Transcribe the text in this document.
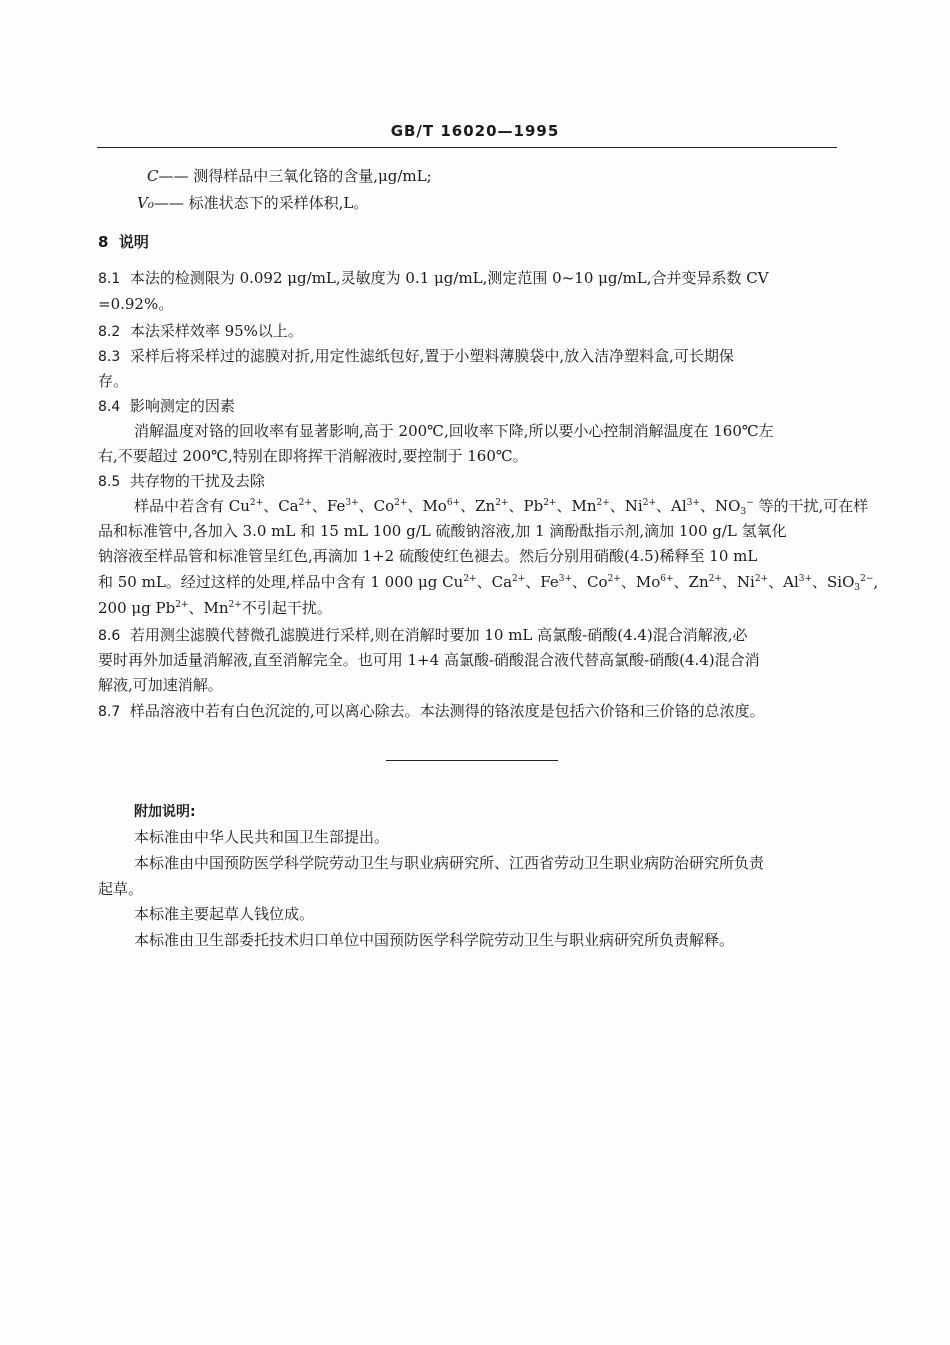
GB/T 16020—1995
C—— 测得样品中三氧化铬的含量,μg/mL;
V₀—— 标准状态下的采样体积,L。
8 说明
8.1 本法的检测限为 0.092 μg/mL,灵敏度为 0.1 μg/mL,测定范围 0~10 μg/mL,合并变异系数 CV
=0.92%。
8.2 本法采样效率 95%以上。
8.3 采样后将采样过的滤膜对折,用定性滤纸包好,置于小塑料薄膜袋中,放入洁净塑料盒,可长期保
存。
8.4 影响测定的因素
消解温度对铬的回收率有显著影响,高于 200℃,回收率下降,所以要小心控制消解温度在 160℃左
右,不要超过 200℃,特别在即将挥干消解液时,要控制于 160℃。
8.5 共存物的干扰及去除
样品中若含有 $Cu^{2+}$、$Ca^{2+}$、$Fe^{3+}$、$Co^{2+}$、$Mo^{6+}$、$Zn^{2+}$、$Pb^{2+}$、$Mn^{2+}$、$Ni^{2+}$、$Al^{3+}$、$NO_3^-$ 等的干扰,可在样
品和标准管中,各加入 3.0 mL 和 15 mL 100 g/L 硫酸钠溶液,加 1 滴酚酞指示剂,滴加 100 g/L 氢氧化
钠溶液至样品管和标准管呈红色,再滴加 1+2 硫酸使红色褪去。然后分别用硝酸(4.5)稀释至 10 mL
和 50 mL。经过这样的处理,样品中含有 1 000 μg $Cu^{2+}$、$Ca^{2+}$、$Fe^{3+}$、$Co^{2+}$、$Mo^{6+}$、$Zn^{2+}$、$Ni^{2+}$、$Al^{3+}$、SiO$_3^{2-}$,
200 μg $Pb^{2+}$、$Mn^{2+}$不引起干扰。
8.6 若用测尘滤膜代替微孔滤膜进行采样,则在消解时要加 10 mL 高氯酸-硝酸(4.4)混合消解液,必
要时再外加适量消解液,直至消解完全。也可用 1+4 高氯酸-硝酸混合液代替高氯酸-硝酸(4.4)混合消
解液,可加速消解。
8.7 样品溶液中若有白色沉淀的,可以离心除去。本法测得的铬浓度是包括六价铬和三价铬的总浓度。
附加说明:
本标准由中华人民共和国卫生部提出。
本标准由中国预防医学科学院劳动卫生与职业病研究所、江西省劳动卫生职业病防治研究所负责
起草。
本标准主要起草人钱位成。
本标准由卫生部委托技术归口单位中国预防医学科学院劳动卫生与职业病研究所负责解释。
